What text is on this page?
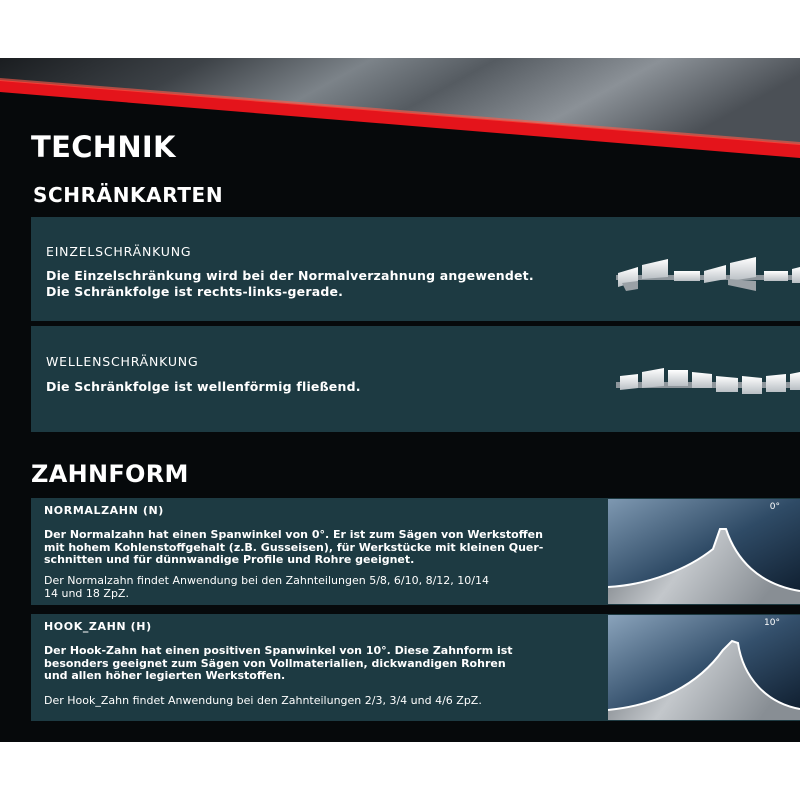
TECHNIK
SCHRÄNKARTEN
EINZELSCHRÄNKUNG
Die Einzelschränkung wird bei der Normalverzahnung angewendet.
Die Schränkfolge ist rechts-links-gerade.
WELLENSCHRÄNKUNG
Die Schränkfolge ist wellenförmig fließend.
ZAHNFORM
NORMALZAHN (N)
Der Normalzahn hat einen Spanwinkel von 0°. Er ist zum Sägen von Werkstoffen
mit hohem Kohlenstoffgehalt (z.B. Gusseisen), für Werkstücke mit kleinen Quer-
schnitten und für dünnwandige Profile und Rohre geeignet.
Der Normalzahn findet Anwendung bei den Zahnteilungen 5/8, 6/10, 8/12, 10/14
14 und 18 ZpZ.
0°
HOOK_ZAHN (H)
Der Hook-Zahn hat einen positiven Spanwinkel von 10°. Diese Zahnform ist
besonders geeignet zum Sägen von Vollmaterialien, dickwandigen Rohren
und allen höher legierten Werkstoffen.
Der Hook_Zahn findet Anwendung bei den Zahnteilungen 2/3, 3/4 und 4/6 ZpZ.
10°
